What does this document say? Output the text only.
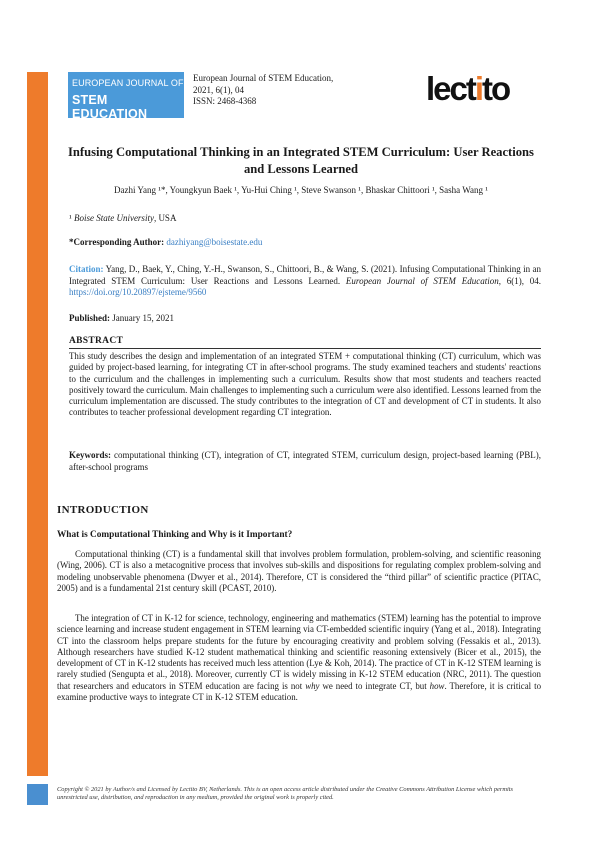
EUROPEAN JOURNAL OF
STEM EDUCATION
European Journal of STEM Education,
2021, 6(1), 04
ISSN: 2468-4368	lectito
Infusing Computational Thinking in an Integrated STEM Curriculum: User Reactions and Lessons Learned
Dazhi Yang ¹*, Youngkyun Baek ¹, Yu-Hui Ching ¹, Steve Swanson ¹, Bhaskar Chittoori ¹, Sasha Wang ¹
¹ Boise State University, USA
*Corresponding Author: dazhiyang@boisestate.edu
Citation: Yang, D., Baek, Y., Ching, Y.-H., Swanson, S., Chittoori, B., & Wang, S. (2021). Infusing Computational Thinking in an Integrated STEM Curriculum: User Reactions and Lessons Learned. European Journal of STEM Education, 6(1), 04. https://doi.org/10.20897/ejsteme/9560
Published: January 15, 2021
ABSTRACT
This study describes the design and implementation of an integrated STEM + computational thinking (CT) curriculum, which was guided by project-based learning, for integrating CT in after-school programs. The study examined teachers and students' reactions to the curriculum and the challenges in implementing such a curriculum. Results show that most students and teachers reacted positively toward the curriculum. Main challenges to implementing such a curriculum were also identified. Lessons learned from the curriculum implementation are discussed. The study contributes to the integration of CT and development of CT in students. It also contributes to teacher professional development regarding CT integration.
Keywords: computational thinking (CT), integration of CT, integrated STEM, curriculum design, project-based learning (PBL), after-school programs
INTRODUCTION
What is Computational Thinking and Why is it Important?

Computational thinking (CT) is a fundamental skill that involves problem formulation, problem-solving, and scientific reasoning (Wing, 2006). CT is also a metacognitive process that involves sub-skills and dispositions for regulating complex problem-solving and modeling unobservable phenomena (Dwyer et al., 2014). Therefore, CT is considered the “third pillar” of scientific practice (PITAC, 2005) and is a fundamental 21st century skill (PCAST, 2010).

The integration of CT in K-12 for science, technology, engineering and mathematics (STEM) learning has the potential to improve science learning and increase student engagement in STEM learning via CT-embedded scientific inquiry (Yang et al., 2018). Integrating CT into the classroom helps prepare students for the future by encouraging creativity and problem solving (Fessakis et al., 2013). Although researchers have studied K-12 student mathematical thinking and scientific reasoning extensively (Bicer et al., 2015), the development of CT in K-12 students has received much less attention (Lye & Koh, 2014). The practice of CT in K-12 STEM learning is rarely studied (Sengupta et al., 2018). Moreover, currently CT is widely missing in K-12 STEM education (NRC, 2011). The question that researchers and educators in STEM education are facing is not why we need to integrate CT, but how. Therefore, it is critical to examine productive ways to integrate CT in K-12 STEM education.

Copyright © 2021 by Author/s and Licensed by Lectito BV, Netherlands. This is an open access article distributed under the Creative Commons Attribution License which permits unrestricted use, distribution, and reproduction in any medium, provided the original work is properly cited.
